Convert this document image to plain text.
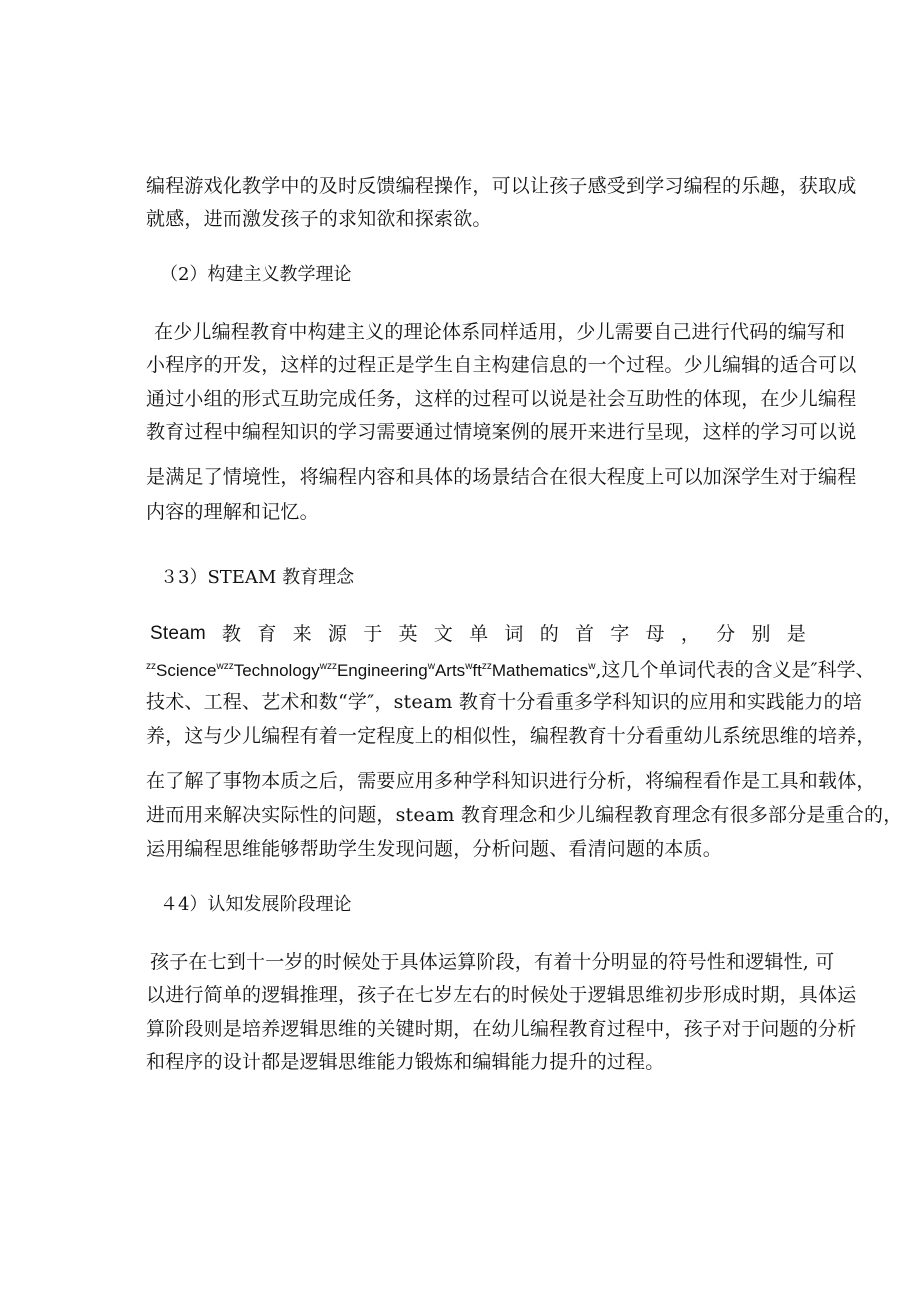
编程游戏化教学中的及时反馈编程操作，可以让孩子感受到学习编程的乐趣，获取成
就感，进而激发孩子的求知欲和探索欲。
（2）构建主义教学理论
在少儿编程教育中构建主义的理论体系同样适用，少儿需要自己进行代码的编写和
小程序的开发，这样的过程正是学生自主构建信息的一个过程。少儿编辑的适合可以
通过小组的形式互助完成任务，这样的过程可以说是社会互助性的体现，在少儿编程
教育过程中编程知识的学习需要通过情境案例的展开来进行呈现，这样的学习可以说
是满足了情境性，将编程内容和具体的场景结合在很大程度上可以加深学生对于编程
内容的理解和记忆。
３3）STEAM 教育理念
Steam 教 育 来 源 于 英 文 单 词 的 首 字 母 ， 分 别 是
$^{zz}Science^{wzz}Technology^{wzz}Engineering^wArts^wft^{zz}Mathematics^w$,这几个单词代表的含义是″科学、
技术、工程、艺术和数“学″，steam 教育十分看重多学科知识的应用和实践能力的培
养，这与少儿编程有着一定程度上的相似性，编程教育十分看重幼儿系统思维的培养，
在了解了事物本质之后，需要应用多种学科知识进行分析，将编程看作是工具和载体，
进而用来解决实际性的问题，steam 教育理念和少儿编程教育理念有很多部分是重合的，
运用编程思维能够帮助学生发现问题，分析问题、看清问题的本质。
４4）认知发展阶段理论
孩子在七到十一岁的时候处于具体运算阶段，有着十分明显的符号性和逻辑性, 可
以进行简单的逻辑推理，孩子在七岁左右的时候处于逻辑思维初步形成时期，具体运
算阶段则是培养逻辑思维的关键时期，在幼儿编程教育过程中，孩子对于问题的分析
和程序的设计都是逻辑思维能力锻炼和编辑能力提升的过程。
